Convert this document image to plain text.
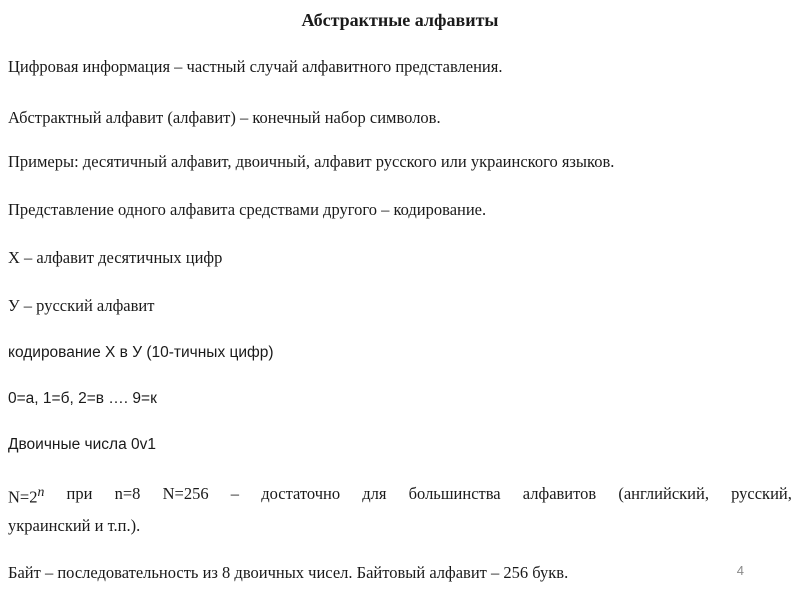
Абстрактные алфавиты
Цифровая информация – частный случай алфавитного представления.
Абстрактный алфавит (алфавит) – конечный набор символов.
Примеры: десятичный алфавит, двоичный, алфавит русского или украинского языков.
Представление одного алфавита средствами другого – кодирование.
Х – алфавит десятичных цифр
У – русский алфавит
кодирование Х в У (10-тичных цифр)
0=а, 1=б, 2=в …. 9=к
Двоичные числа 0v1
$N=2^n$ при n=8 N=256 – достаточно для большинства алфавитов (английский, русский,
украинский и т.п.).
Байт – последовательность из 8 двоичных чисел. Байтовый алфавит – 256 букв.	4
